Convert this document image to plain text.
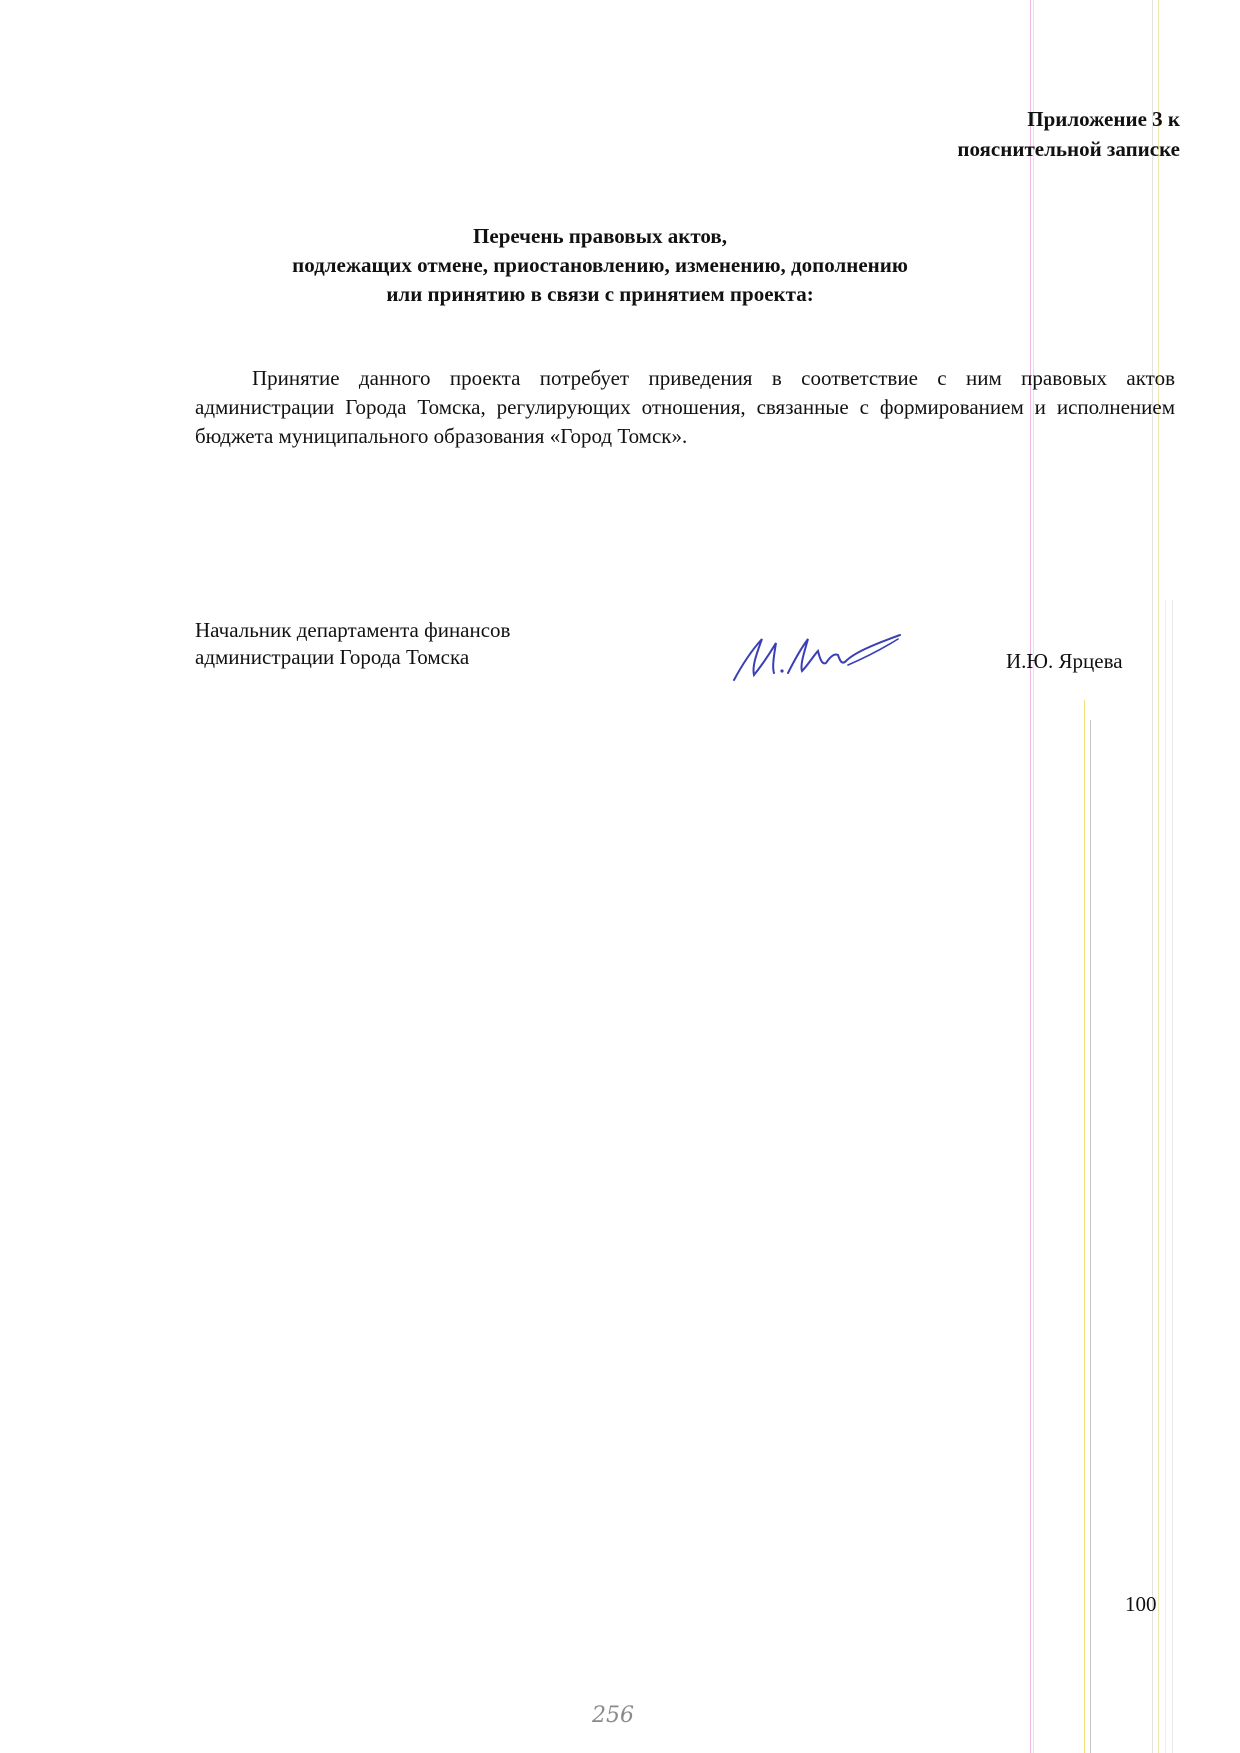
Приложение 3 к
пояснительной записке
Перечень правовых актов,
подлежащих отмене, приостановлению, изменению, дополнению
или принятию в связи с принятием проекта:
Принятие данного проекта потребует приведения в соответствие с ним правовых актов администрации Города Томска, регулирующих отношения, связанные с формированием и исполнением бюджета муниципального образования «Город Томск».
Начальник департамента финансов
администрации Города Томска	И.Ю. Ярцева
100
256
